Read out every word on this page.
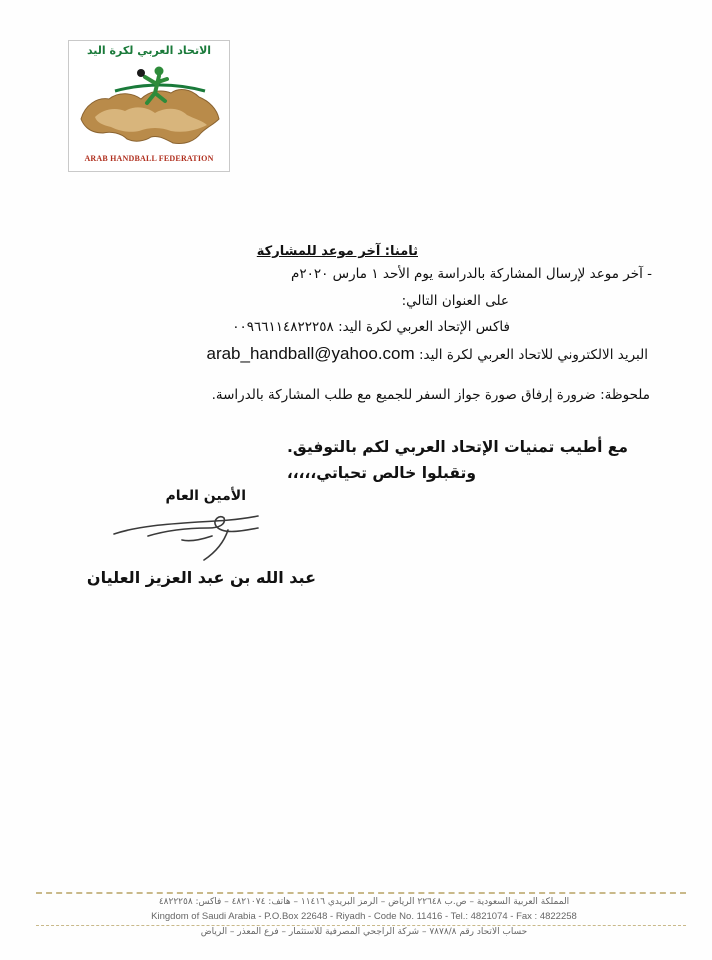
الاتحاد العربي لكرة اليد
ARAB HANDBALL FEDERATION
ثامنا: آخر موعد للمشاركة
- آخر موعد لإرسال المشاركة بالدراسة يوم الأحد ١ مارس ٢٠٢٠م
على العنوان التالي:
فاكس الإتحاد العربي لكرة اليد: ٠٠٩٦٦١١٤٨٢٢٢٥٨
البريد الالكتروني للاتحاد العربي لكرة اليد: arab_handball@yahoo.com
ملحوظة: ضرورة إرفاق صورة جواز السفر للجميع مع طلب المشاركة بالدراسة.
مع أطيب تمنيات الإتحاد العربي لكم بالتوفيق.
وتقبلوا خالص تحياتي،،،،،
الأمين العام
عبد الله بن عبد العزيز العليان
المملكة العربية السعودية – ص.ب ٢٢٦٤٨ الرياض – الرمز البريدي ١١٤١٦ – هاتف: ٤٨٢١٠٧٤ – فاكس: ٤٨٢٢٢٥٨
Kingdom of Saudi Arabia - P.O.Box 22648 - Riyadh - Code No. 11416 - Tel.: 4821074 - Fax : 4822258
حساب الاتحاد رقم ٧٨٧٨/٨ – شركة الراجحي المصرفية للاستثمار – فرع المعذر – الرياض
